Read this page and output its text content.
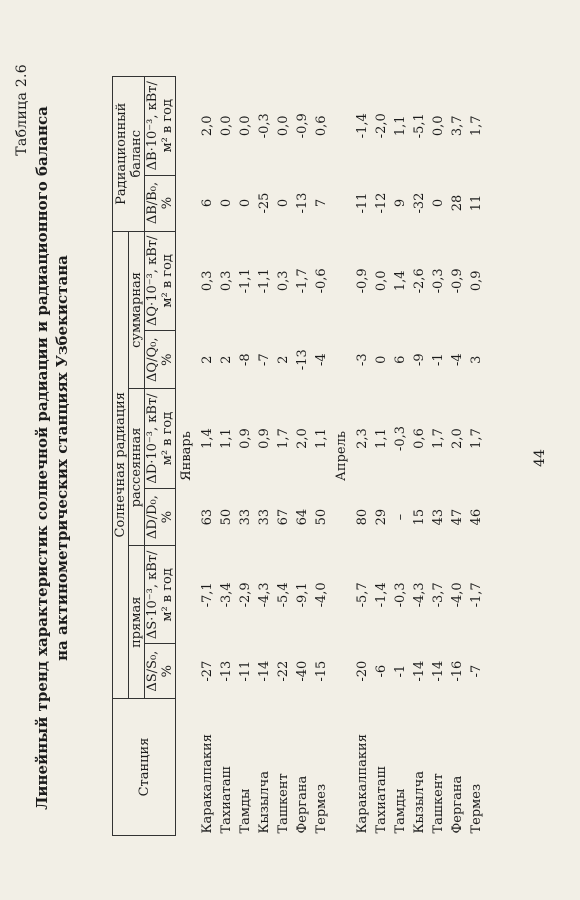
Таблица 2.6 Линейный тренд характеристик солнечной радиации и радиационного баланса на актинометрических станциях Узбекистана
Станция	Солнечная радиация						Радиационный баланс	
	прямая		рассеянная		суммарная			
	ΔS/S₀, %	ΔS·10⁻³, кВт/м² в год	ΔD/D₀, %	ΔD·10⁻³, кВт/м² в год	ΔQ/Q₀, %	ΔQ·10⁻³, кВт/м² в год	ΔB/B₀, %	ΔB·10⁻³, кВт/м² в год
Январь								
Каракалпакия	-27	-7,1	63	1,4	2	0,3	6	2,0
Тахиаташ	-13	-3,4	50	1,1	2	0,3	0	0,0
Тамды	-11	-2,9	33	0,9	-8	-1,1	0	0,0
Кызылча	-14	-4,3	33	0,9	-7	-1,1	-25	-0,3
Ташкент	-22	-5,4	67	1,7	2	0,3	0	0,0
Фергана	-40	-9,1	64	2,0	-13	-1,7	-13	-0,9
Термез	-15	-4,0	50	1,1	-4	-0,6	7	0,6
Апрель								
Каракалпакия	-20	-5,7	80	2,3	-3	-0,9	-11	-1,4
Тахиаташ	-6	-1,4	29	1,1	0	0,0	-12	-2,0
Тамды	-1	-0,3	–	-0,3	6	1,4	9	1,1
Кызылча	-14	-4,3	15	0,6	-9	-2,6	-32	-5,1
Ташкент	-14	-3,7	43	1,7	-1	-0,3	0	0,0
Фергана	-16	-4,0	47	2,0	-4	-0,9	28	3,7
Термез	-7	-1,7	46	1,7	3	0,9	11	1,7
44
